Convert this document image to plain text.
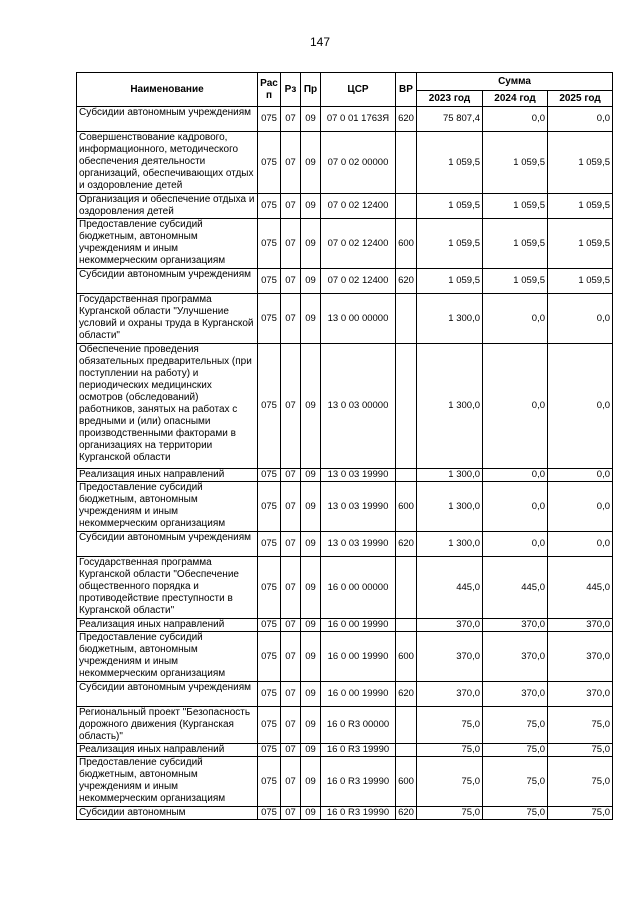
147
Наименование	Рас п	Рз	Пр	ЦСР	ВР	Сумма		
						2023 год	2024 год	2025 год
Субсидии автономным учреждениям	075	07	09	07 0 01 1763Я	620	75 807,4	0,0	0,0
Совершенствование кадрового, информационного, методического обеспечения деятельности организаций, обеспечивающих отдых и оздоровление детей	075	07	09	07 0 02 00000		1 059,5	1 059,5	1 059,5
Организация и обеспечение отдыха и оздоровления детей	075	07	09	07 0 02 12400		1 059,5	1 059,5	1 059,5
Предоставление субсидий бюджетным, автономным учреждениям и иным некоммерческим организациям	075	07	09	07 0 02 12400	600	1 059,5	1 059,5	1 059,5
Субсидии автономным учреждениям	075	07	09	07 0 02 12400	620	1 059,5	1 059,5	1 059,5
Государственная программа Курганской области "Улучшение условий и охраны труда в Курганской области"	075	07	09	13 0 00 00000		1 300,0	0,0	0,0
Обеспечение проведения обязательных предварительных (при поступлении на работу) и периодических медицинских осмотров (обследований) работников, занятых на работах с вредными и (или) опасными производственными факторами в организациях на территории Курганской области	075	07	09	13 0 03 00000		1 300,0	0,0	0,0
Реализация иных направлений	075	07	09	13 0 03 19990		1 300,0	0,0	0,0
Предоставление субсидий бюджетным, автономным учреждениям и иным некоммерческим организациям	075	07	09	13 0 03 19990	600	1 300,0	0,0	0,0
Субсидии автономным учреждениям	075	07	09	13 0 03 19990	620	1 300,0	0,0	0,0
Государственная программа Курганской области "Обеспечение общественного порядка и противодействие преступности в Курганской области"	075	07	09	16 0 00 00000		445,0	445,0	445,0
Реализация иных направлений	075	07	09	16 0 00 19990		370,0	370,0	370,0
Предоставление субсидий бюджетным, автономным учреждениям и иным некоммерческим организациям	075	07	09	16 0 00 19990	600	370,0	370,0	370,0
Субсидии автономным учреждениям	075	07	09	16 0 00 19990	620	370,0	370,0	370,0
Региональный проект "Безопасность дорожного движения (Курганская область)"	075	07	09	16 0 R3 00000		75,0	75,0	75,0
Реализация иных направлений	075	07	09	16 0 R3 19990		75,0	75,0	75,0
Предоставление субсидий бюджетным, автономным учреждениям и иным некоммерческим организациям	075	07	09	16 0 R3 19990	600	75,0	75,0	75,0
Субсидии автономным	075	07	09	16 0 R3 19990	620	75,0	75,0	75,0
